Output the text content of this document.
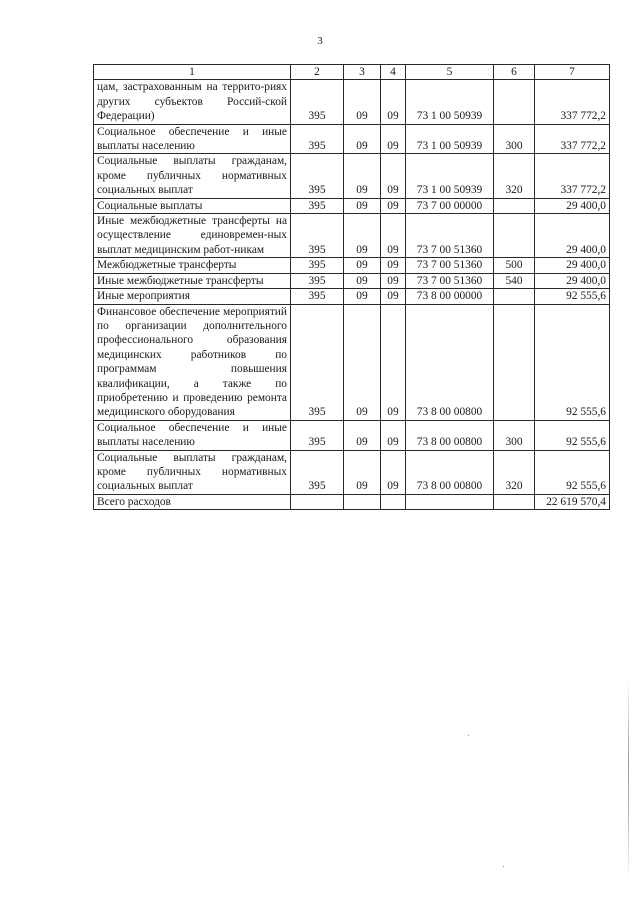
3
1	2	3	4	5	6	7
цам, застрахованным на террито-риях других субъектов Россий-ской Федерации)	395	09	09	73 1 00 50939		337 772,2
Социальное обеспечение и иные выплаты населению	395	09	09	73 1 00 50939	300	337 772,2
Социальные выплаты гражданам, кроме публичных нормативных социальных выплат	395	09	09	73 1 00 50939	320	337 772,2
Социальные выплаты	395	09	09	73 7 00 00000		29 400,0
Иные межбюджетные трансферты на осуществление единовремен-ных выплат медицинским работ-никам	395	09	09	73 7 00 51360		29 400,0
Межбюджетные трансферты	395	09	09	73 7 00 51360	500	29 400,0
Иные межбюджетные трансферты	395	09	09	73 7 00 51360	540	29 400,0
Иные мероприятия	395	09	09	73 8 00 00000		92 555,6
Финансовое обеспечение мероприятий по организации дополнительного профессионального образования медицинских работников по программам повышения квалификации, а также по приобретению и проведению ремонта медицинского оборудования	395	09	09	73 8 00 00800		92 555,6
Социальное обеспечение и иные выплаты населению	395	09	09	73 8 00 00800	300	92 555,6
Социальные выплаты гражданам, кроме публичных нормативных социальных выплат	395	09	09	73 8 00 00800	320	92 555,6
Всего расходов						22 619 570,4
